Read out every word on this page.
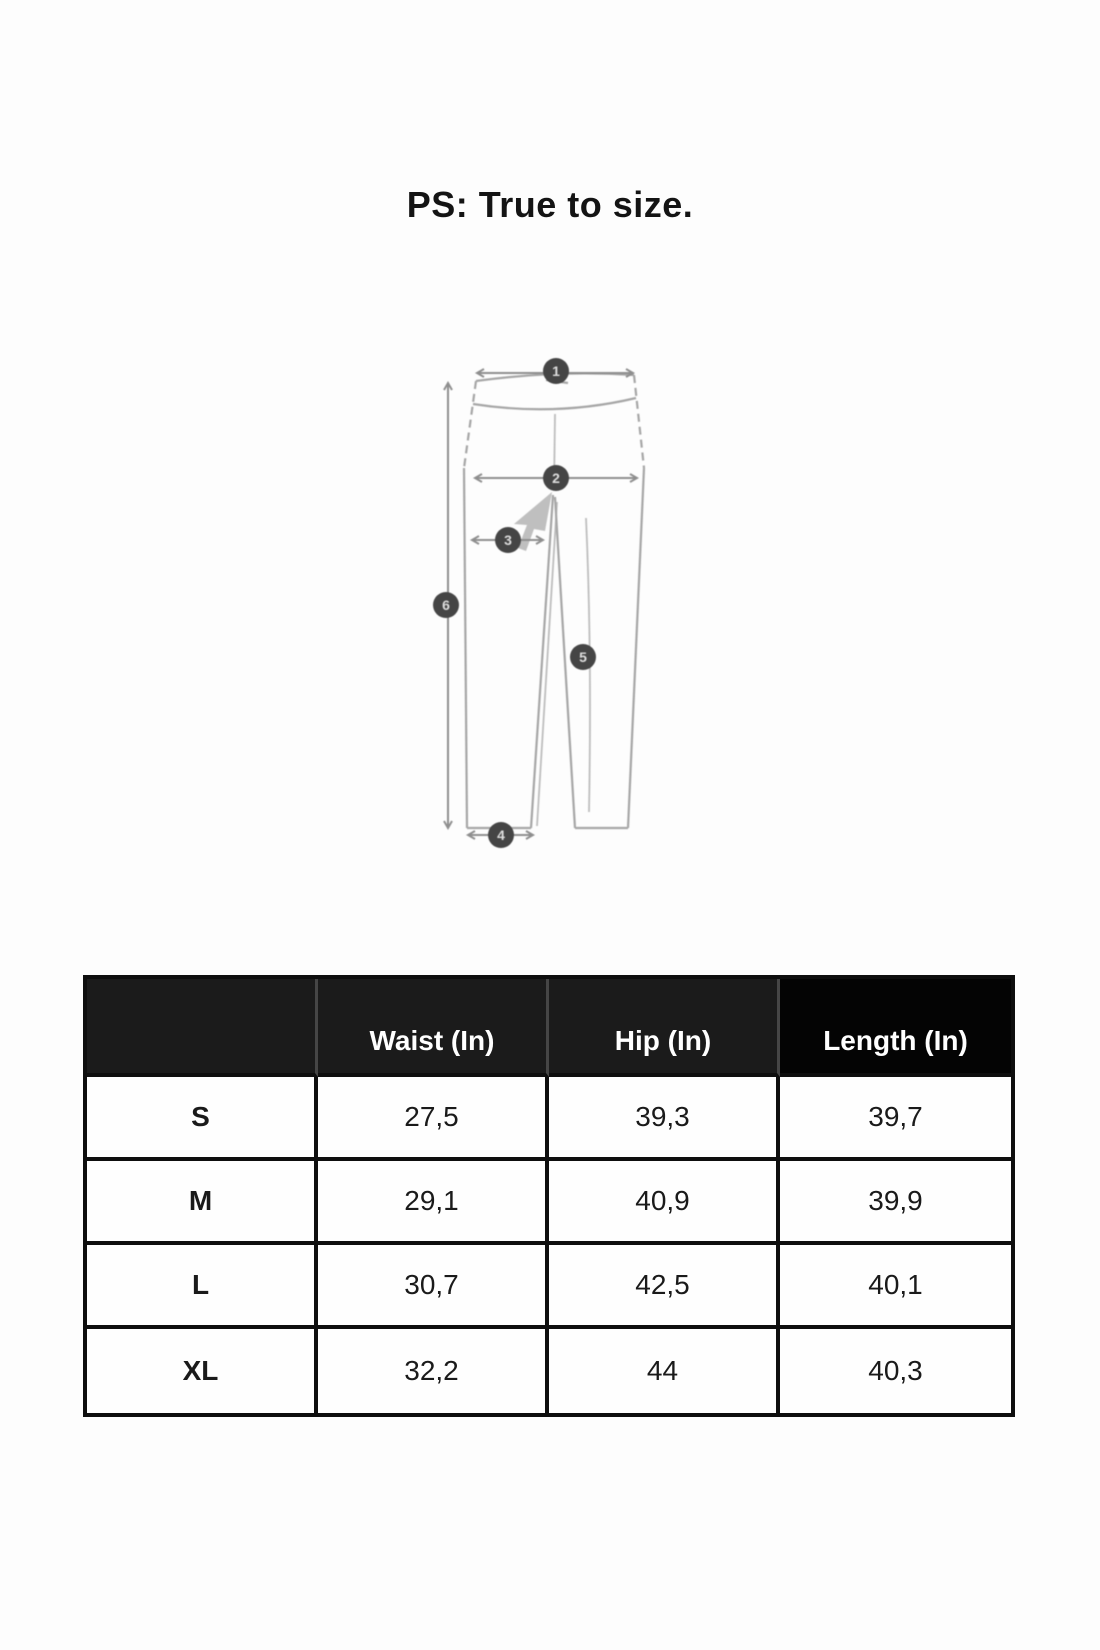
PS: True to size.
1
2
3
4
5
6
	Waist (In)	Hip (In)	Length (In)
S	27,5	39,3	39,7
M	29,1	40,9	39,9
L	30,7	42,5	40,1
XL	32,2	44	40,3
